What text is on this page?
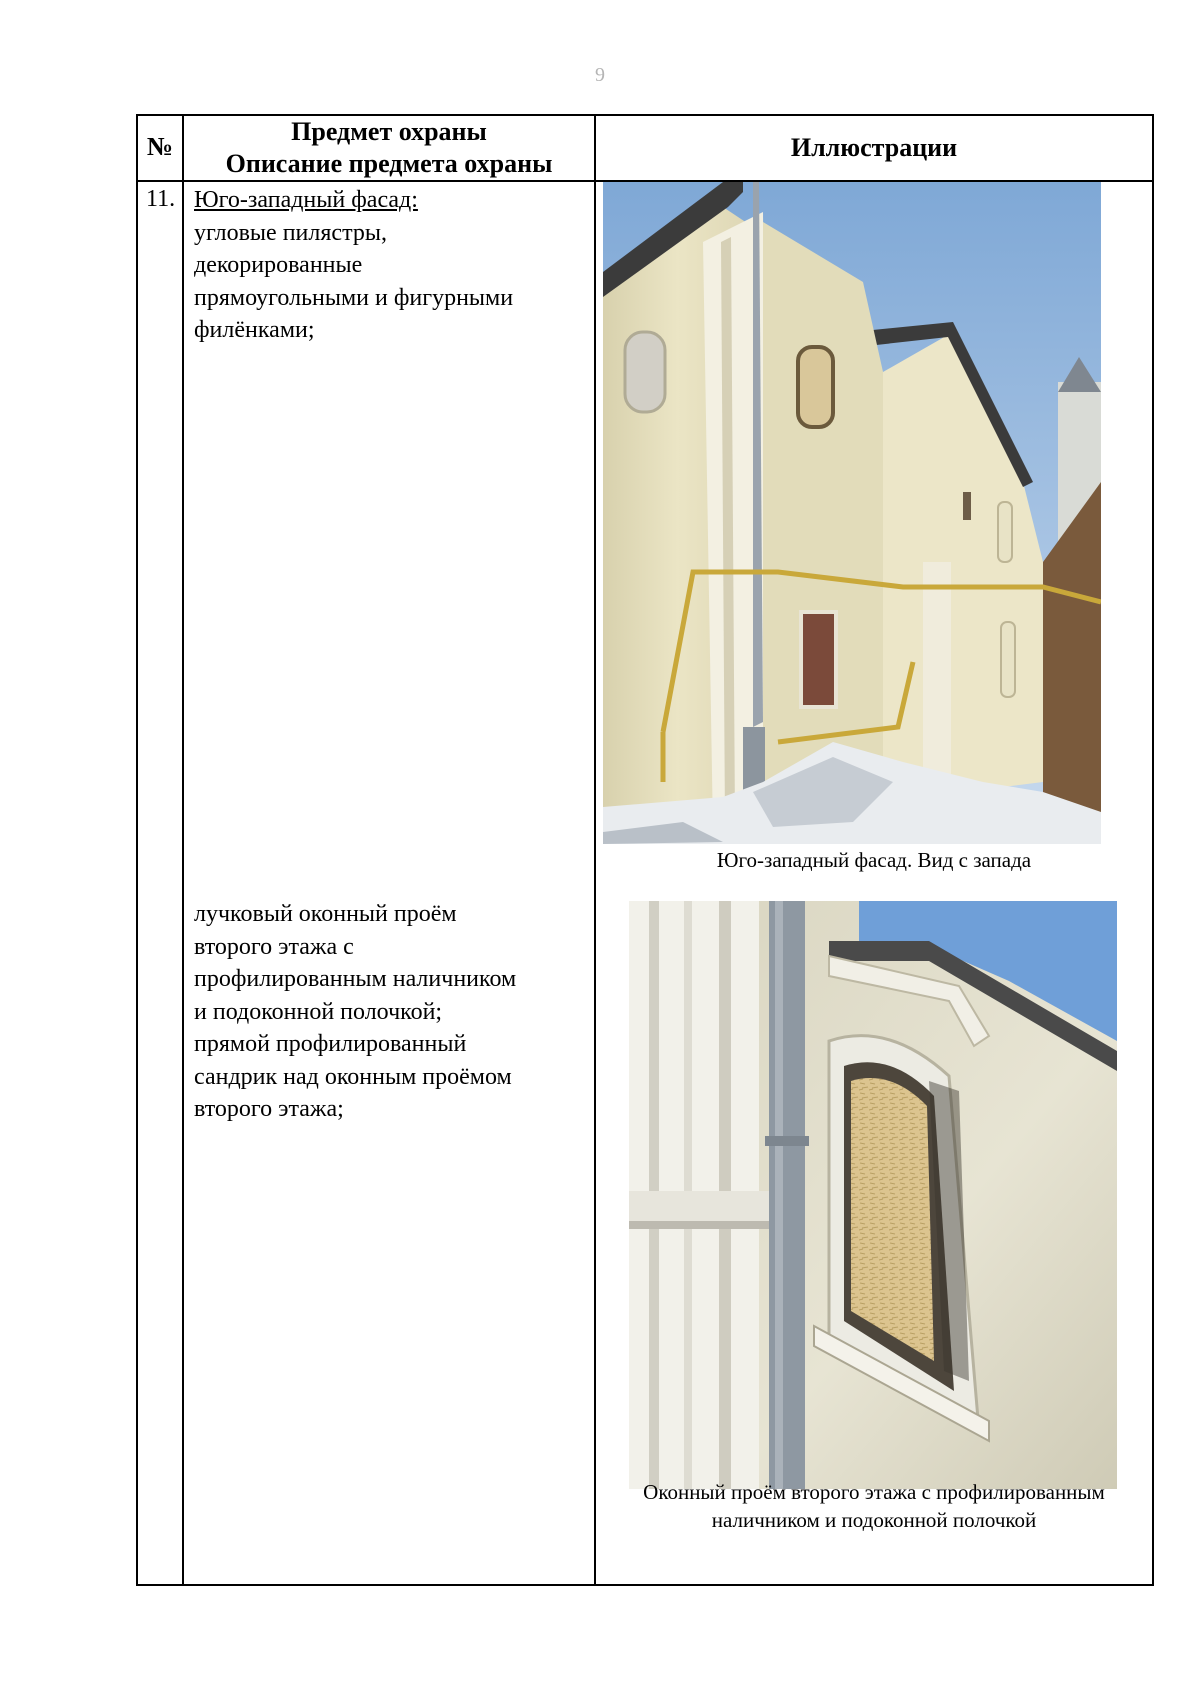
9
№
Предмет охраны
Описание предмета охраны
Иллюстрации
11. Юго-западный фасад:
угловые пилястры,
декорированные
прямоугольными и фигурными
филёнками;
лучковый оконный проём
второго этажа с
профилированным наличником
и подоконной полочкой;
прямой профилированный
сандрик над оконным проёмом
второго этажа;
Юго-западный фасад. Вид с запада
Оконный проём второго этажа с профилированным
наличником и подоконной полочкой
